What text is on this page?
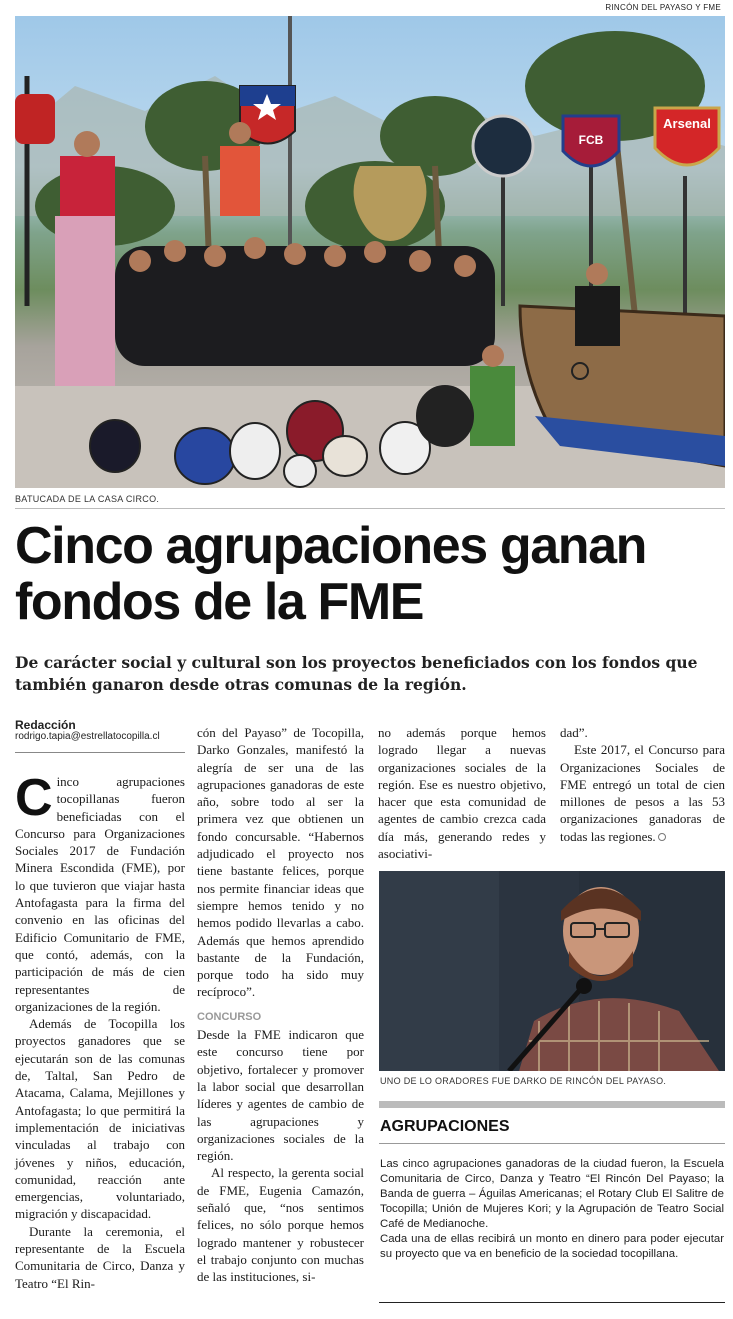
RINCÓN DEL PAYASO Y FME
FCB
Arsenal
BATUCADA DE LA CASA CIRCO.
Cinco agrupaciones ganan fondos de la FME
De carácter social y cultural son los proyectos beneficiados con los fondos que también ganaron desde otras comunas de la región.
Redacción
rodrigo.tapia@estrellatocopilla.cl

Cinco agrupaciones tocopillanas fueron beneficiadas con el Concurso para Organizaciones Sociales 2017 de Fundación Minera Escondida (FME), por lo que tuvieron que viajar hasta Antofagasta para la firma del convenio en las oficinas del Edificio Comunitario de FME, que contó, además, con la participación de más de cien representantes de organizaciones de la región.

Además de Tocopilla los proyectos ganadores que se ejecutarán son de las comunas de, Taltal, San Pedro de Atacama, Calama, Mejillones y Antofagasta; lo que permitirá la implementación de iniciativas vinculadas al trabajo con jóvenes y niños, educación, comunidad, reacción ante emergencias, voluntariado, migración y discapacidad.

Durante la ceremonia, el representante de la Escuela Comunitaria de Circo, Danza y Teatro “El Rin-

cón del Payaso” de Tocopilla, Darko Gonzales, manifestó la alegría de ser una de las agrupaciones ganadoras de este año, sobre todo al ser la primera vez que obtienen un fondo concursable. “Habernos adjudicado el proyecto nos tiene bastante felices, porque nos permite financiar ideas que siempre hemos tenido y no hemos podido llevarlas a cabo. Además que hemos aprendido bastante de la Fundación, porque todo ha sido muy recíproco”.

CONCURSO

Desde la FME indicaron que este concurso tiene por objetivo, fortalecer y promover la labor social que desarrollan líderes y agentes de cambio de las agrupaciones y organizaciones sociales de la región.

Al respecto, la gerenta social de FME, Eugenia Camazón, señaló que, “nos sentimos felices, no sólo porque hemos logrado mantener y robustecer el trabajo conjunto con muchas de las instituciones, si-

no además porque hemos logrado llegar a nuevas organizaciones sociales de la región. Ese es nuestro objetivo, hacer que esta comunidad de agentes de cambio crezca cada día más, generando redes y asociativi-

dad”.

Este 2017, el Concurso para Organizaciones Sociales de FME entregó un total de cien millones de pesos a las 53 organizaciones ganadoras de todas las regiones.

UNO DE LO ORADORES FUE DARKO DE RINCÓN DEL PAYASO.
AGRUPACIONES

Las cinco agrupaciones ganadoras de la ciudad fueron, la Escuela Comunitaria de Circo, Danza y Teatro “El Rincón Del Payaso; la Banda de guerra – Águilas Americanas; el Rotary Club El Salitre de Tocopilla; Unión de Mujeres Kori; y la Agrupación de Teatro Social Café de Medianoche.

Cada una de ellas recibirá un monto en dinero para poder ejecutar su proyecto que va en beneficio de la sociedad tocopillana.
